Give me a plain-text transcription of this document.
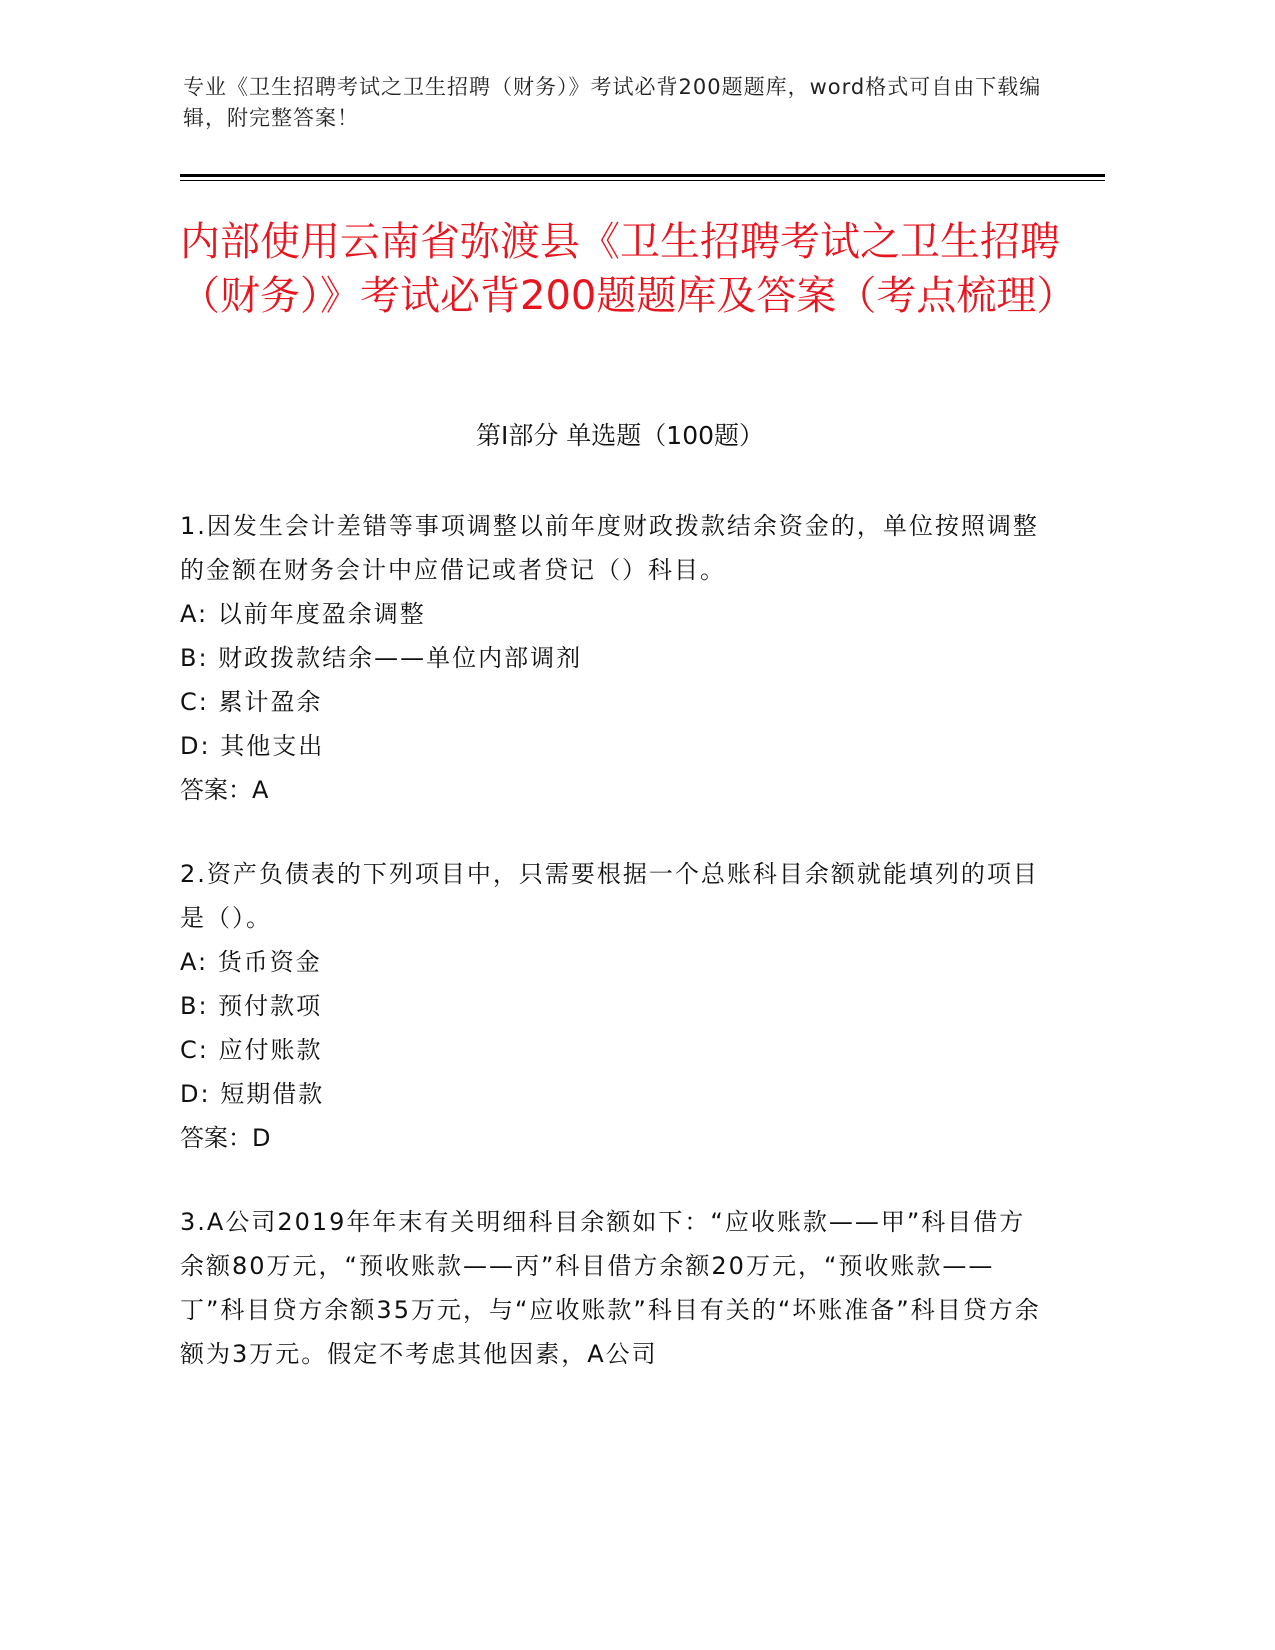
专业《卫生招聘考试之卫生招聘（财务）》考试必背200题题库，word格式可自由下载编辑，附完整答案！
内部使用云南省弥渡县《卫生招聘考试之卫生招聘（财务）》考试必背200题题库及答案（考点梳理）
第I部分 单选题（100题）

1.因发生会计差错等事项调整以前年度财政拨款结余资金的，单位按照调整的金额在财务会计中应借记或者贷记（）科目。

A: 以前年度盈余调整
B: 财政拨款结余——单位内部调剂
C: 累计盈余
D: 其他支出
答案：A

2.资产负债表的下列项目中，只需要根据一个总账科目余额就能填列的项目是（）。

A: 货币资金
B: 预付款项
C: 应付账款
D: 短期借款
答案：D

3.A公司2019年年末有关明细科目余额如下：“应收账款——甲”科目借方余额80万元，“预收账款——丙”科目借方余额20万元，“预收账款——丁”科目贷方余额35万元，与“应收账款”科目有关的“坏账准备”科目贷方余额为3万元。假定不考虑其他因素，A公司
